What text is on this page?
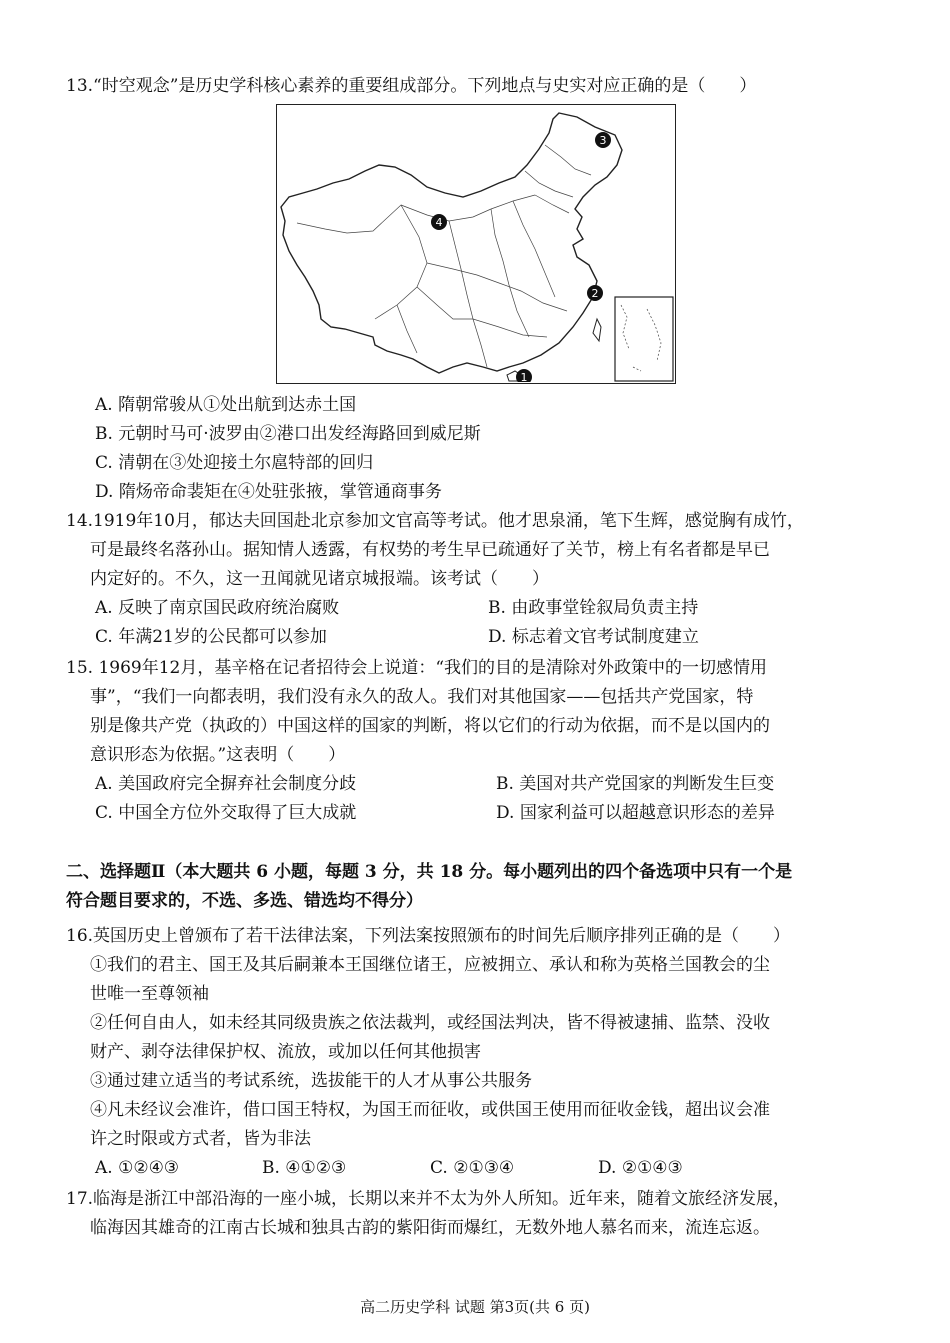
13.“时空观念”是历史学科核心素养的重要组成部分。下列地点与史实对应正确的是（　　）
1
2
3
4
A. 隋朝常骏从①处出航到达赤土国
B. 元朝时马可·波罗由②港口出发经海路回到威尼斯
C. 清朝在③处迎接土尔扈特部的回归
D. 隋炀帝命裴矩在④处驻张掖，掌管通商事务
14.1919年10月，郁达夫回国赴北京参加文官高等考试。他才思泉涌，笔下生辉，感觉胸有成竹，
可是最终名落孙山。据知情人透露，有权势的考生早已疏通好了关节，榜上有名者都是早已
内定好的。不久，这一丑闻就见诸京城报端。该考试（　　）
A. 反映了南京国民政府统治腐败	B. 由政事堂铨叙局负责主持
C. 年满21岁的公民都可以参加	D. 标志着文官考试制度建立
15. 1969年12月，基辛格在记者招待会上说道：“我们的目的是清除对外政策中的一切感情用
事”，“我们一向都表明，我们没有永久的敌人。我们对其他国家——包括共产党国家，特
别是像共产党（执政的）中国这样的国家的判断，将以它们的行动为依据，而不是以国内的
意识形态为依据。”这表明（　　）
A. 美国政府完全摒弃社会制度分歧	B. 美国对共产党国家的判断发生巨变
C. 中国全方位外交取得了巨大成就	D. 国家利益可以超越意识形态的差异
二、选择题Ⅱ（本大题共 6 小题，每题 3 分，共 18 分。每小题列出的四个备选项中只有一个是
符合题目要求的，不选、多选、错选均不得分）
16.英国历史上曾颁布了若干法律法案，下列法案按照颁布的时间先后顺序排列正确的是（　　）
①我们的君主、国王及其后嗣兼本王国继位诸王，应被拥立、承认和称为英格兰国教会的尘
世唯一至尊领袖
②任何自由人，如未经其同级贵族之依法裁判，或经国法判决，皆不得被逮捕、监禁、没收
财产、剥夺法律保护权、流放，或加以任何其他损害
③通过建立适当的考试系统，选拔能干的人才从事公共服务
④凡未经议会准许，借口国王特权，为国王而征收，或供国王使用而征收金钱，超出议会准
许之时限或方式者，皆为非法
A. ①②④③	B. ④①②③	C. ②①③④	D. ②①④③
17.临海是浙江中部沿海的一座小城，长期以来并不太为外人所知。近年来，随着文旅经济发展，
临海因其雄奇的江南古长城和独具古韵的紫阳街而爆红，无数外地人慕名而来，流连忘返。
高二历史学科 试题 第3页(共 6 页)
